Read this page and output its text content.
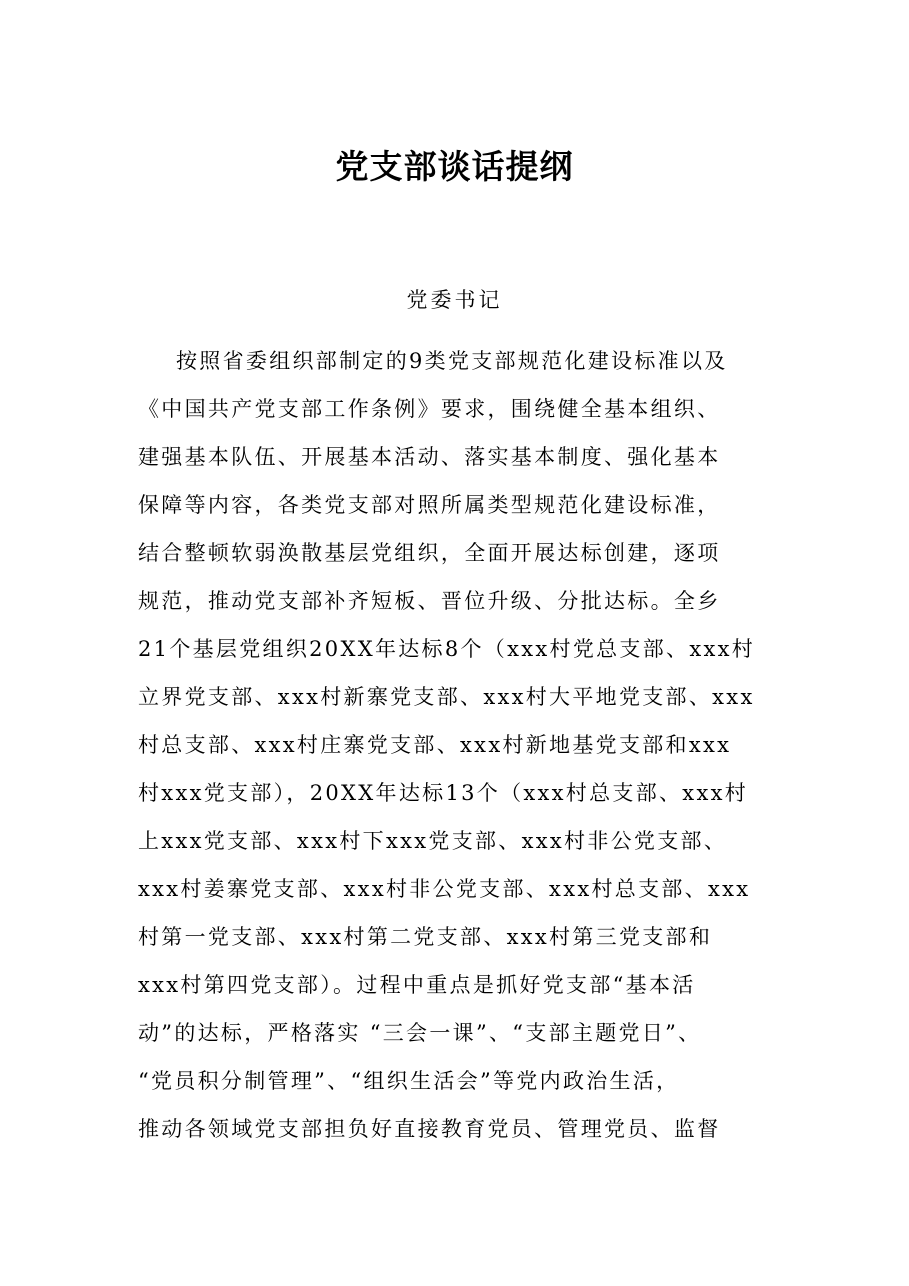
党支部谈话提纲
党委书记
按照省委组织部制定的9类党支部规范化建设标准以及
《中国共产党支部工作条例》要求，围绕健全基本组织、
建强基本队伍、开展基本活动、落实基本制度、强化基本
保障等内容，各类党支部对照所属类型规范化建设标准，
结合整顿软弱涣散基层党组织，全面开展达标创建，逐项
规范，推动党支部补齐短板、晋位升级、分批达标。全乡
21个基层党组织20XX年达标8个（xxx村党总支部、xxx村
立界党支部、xxx村新寨党支部、xxx村大平地党支部、xxx
村总支部、xxx村庄寨党支部、xxx村新地基党支部和xxx
村xxx党支部），20XX年达标13个（xxx村总支部、xxx村
上xxx党支部、xxx村下xxx党支部、xxx村非公党支部、
xxx村姜寨党支部、xxx村非公党支部、xxx村总支部、xxx
村第一党支部、xxx村第二党支部、xxx村第三党支部和
xxx村第四党支部）。过程中重点是抓好党支部“基本活
动”的达标，严格落实 “三会一课”、“支部主题党日”、
“党员积分制管理”、“组织生活会”等党内政治生活，
推动各领域党支部担负好直接教育党员、管理党员、监督
